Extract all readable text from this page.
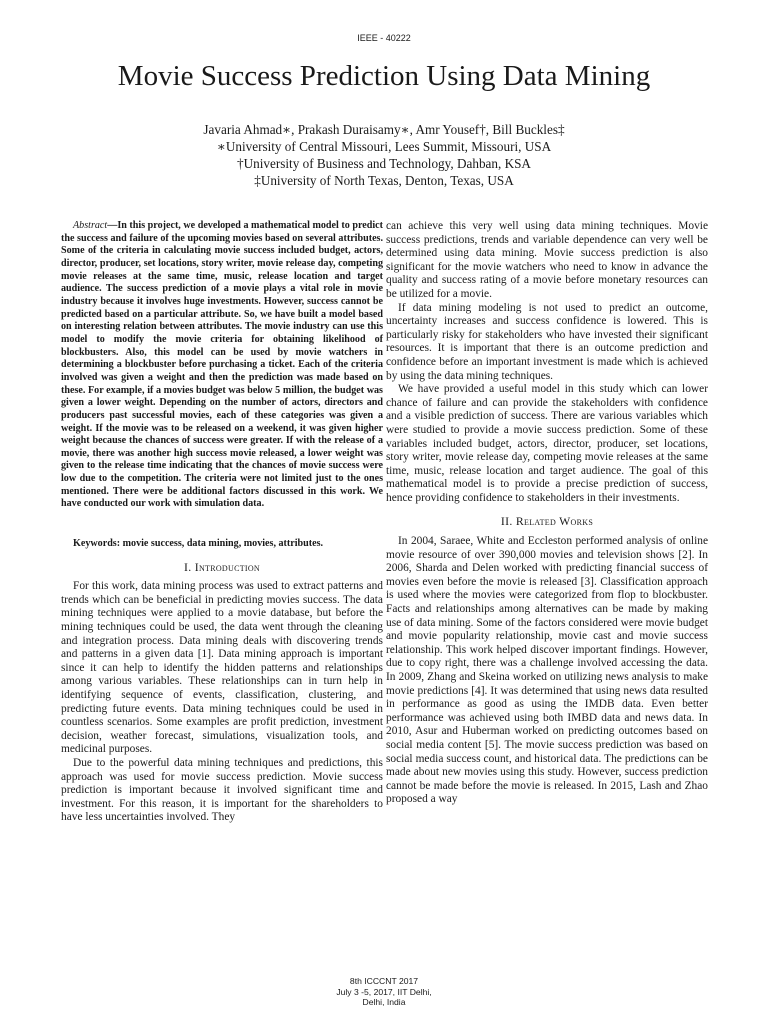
IEEE - 40222
Movie Success Prediction Using Data Mining
Javaria Ahmad∗, Prakash Duraisamy∗, Amr Yousef†, Bill Buckles‡
∗University of Central Missouri, Lees Summit, Missouri, USA
†University of Business and Technology, Dahban, KSA
‡University of North Texas, Denton, Texas, USA

Abstract—In this project, we developed a mathematical model to predict the success and failure of the upcoming movies based on several attributes. Some of the criteria in calculating movie success included budget, actors, director, producer, set locations, story writer, movie release day, competing movie releases at the same time, music, release location and target audience. The success prediction of a movie plays a vital role in movie industry because it involves huge investments. However, success cannot be predicted based on a particular attribute. So, we have built a model based on interesting relation between attributes. The movie industry can use this model to modify the movie criteria for obtaining likelihood of blockbusters. Also, this model can be used by movie watchers in determining a blockbuster before purchasing a ticket. Each of the criteria involved was given a weight and then the prediction was made based on these. For example, if a movies budget was below 5 million, the budget was given a lower weight. Depending on the number of actors, directors and producers past successful movies, each of these categories was given a weight. If the movie was to be released on a weekend, it was given higher weight because the chances of success were greater. If with the release of a movie, there was another high success movie released, a lower weight was given to the release time indicating that the chances of movie success were low due to the competition. The criteria were not limited just to the ones mentioned. There were be additional factors discussed in this work. We have conducted our work with simulation data.

Keywords: movie success, data mining, movies, attributes.
I. Introduction

For this work, data mining process was used to extract patterns and trends which can be beneficial in predicting movies success. The data mining techniques were applied to a movie database, but before the mining techniques could be used, the data went through the cleaning and integration process. Data mining deals with discovering trends and patterns in a given data [1]. Data mining approach is important since it can help to identify the hidden patterns and relationships among various variables. These relationships can in turn help in identifying sequence of events, classification, clustering, and predicting future events. Data mining techniques could be used in countless scenarios. Some examples are profit prediction, investment decision, weather forecast, simulations, visualization tools, and medicinal purposes.

Due to the powerful data mining techniques and predictions, this approach was used for movie success prediction. Movie success prediction is important because it involved significant time and investment. For this reason, it is important for the shareholders to have less uncertainties involved. They

can achieve this very well using data mining techniques. Movie success predictions, trends and variable dependence can very well be determined using data mining. Movie success prediction is also significant for the movie watchers who need to know in advance the quality and success rating of a movie before monetary resources can be utilized for a movie.

If data mining modeling is not used to predict an outcome, uncertainty increases and success confidence is lowered. This is particularly risky for stakeholders who have invested their significant resources. It is important that there is an outcome prediction and confidence before an important investment is made which is achieved by using the data mining techniques.

We have provided a useful model in this study which can lower chance of failure and can provide the stakeholders with confidence and a visible prediction of success. There are various variables which were studied to provide a movie success prediction. Some of these variables included budget, actors, director, producer, set locations, story writer, movie release day, competing movie releases at the same time, music, release location and target audience. The goal of this mathematical model is to provide a precise prediction of success, hence providing confidence to stakeholders in their investments.

II. Related Works

In 2004, Saraee, White and Eccleston performed analysis of online movie resource of over 390,000 movies and television shows [2]. In 2006, Sharda and Delen worked with predicting financial success of movies even before the movie is released [3]. Classification approach is used where the movies were categorized from flop to blockbuster. Facts and relationships among alternatives can be made by making use of data mining. Some of the factors considered were movie budget and movie popularity relationship, movie cast and movie success relationship. This work helped discover important findings. However, due to copy right, there was a challenge involved accessing the data. In 2009, Zhang and Skeina worked on utilizing news analysis to make movie predictions [4]. It was determined that using news data resulted in performance as good as using the IMDB data. Even better performance was achieved using both IMBD data and news data. In 2010, Asur and Huberman worked on predicting outcomes based on social media content [5]. The movie success prediction was based on social media success count, and historical data. The predictions can be made about new movies using this study. However, success prediction cannot be made before the movie is released. In 2015, Lash and Zhao proposed a way

8th ICCCNT 2017
July 3 -5, 2017, IIT Delhi,
Delhi, India
